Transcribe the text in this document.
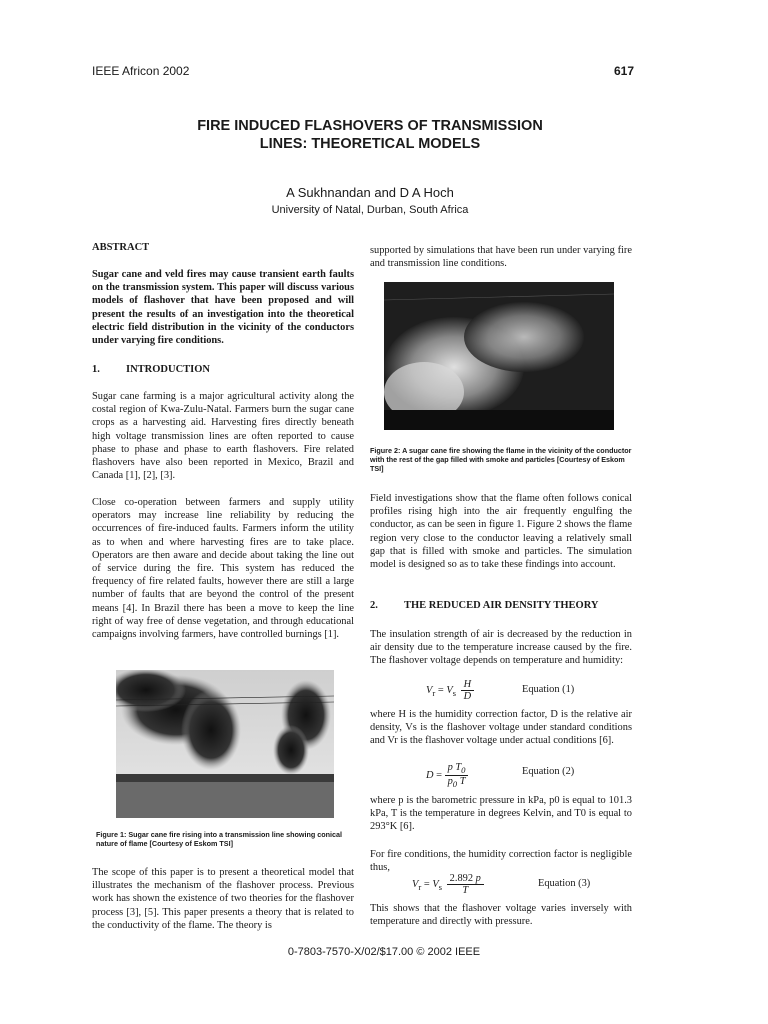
IEEE Africon 2002	617
FIRE INDUCED FLASHOVERS OF TRANSMISSION
LINES: THEORETICAL MODELS
A Sukhnandan and D A Hoch
University of Natal, Durban, South Africa
ABSTRACT
Sugar cane and veld fires may cause transient earth faults on the transmission system. This paper will discuss various models of flashover that have been proposed and will present the results of an investigation into the theoretical electric field distribution in the vicinity of the conductors under varying fire conditions.
1. INTRODUCTION
Sugar cane farming is a major agricultural activity along the costal region of Kwa-Zulu-Natal. Farmers burn the sugar cane crops as a harvesting aid. Harvesting fires directly beneath high voltage transmission lines are often reported to cause phase to phase and phase to earth flashovers. Fire related flashovers have also been reported in Mexico, Brazil and Canada [1], [2], [3].
Close co-operation between farmers and supply utility operators may increase line reliability by reducing the occurrences of fire-induced faults. Farmers inform the utility as to when and where harvesting fires are to take place. Operators are then aware and decide about taking the line out of service during the fire. This system has reduced the frequency of fire related faults, however there are still a large number of faults that are beyond the control of the present means [4]. In Brazil there has been a move to keep the line right of way free of dense vegetation, and through educational campaigns involving farmers, have controlled burnings [1].
Figure 1: Sugar cane fire rising into a transmission line showing conical nature of flame [Courtesy of Eskom TSI]
The scope of this paper is to present a theoretical model that illustrates the mechanism of the flashover process. Previous work has shown the existence of two theories for the flashover process [3], [5]. This paper presents a theory that is related to the conductivity of the flame. The theory is
supported by simulations that have been run under varying fire and transmission line conditions.
Figure 2: A sugar cane fire showing the flame in the vicinity of the conductor with the rest of the gap filled with smoke and particles [Courtesy of Eskom TSI]
Field investigations show that the flame often follows conical profiles rising high into the air frequently engulfing the conductor, as can be seen in figure 1. Figure 2 shows the flame region very close to the conductor leaving a relatively small gap that is filled with smoke and particles. The simulation model is designed so as to take these findings into account.
2. THE REDUCED AIR DENSITY THEORY
The insulation strength of air is decreased by the reduction in air density due to the temperature increase caused by the fire. The flashover voltage depends on temperature and humidity:
$V_r = V_s \frac{H}{D}$	Equation (1)
where H is the humidity correction factor, D is the relative air density, Vs is the flashover voltage under standard conditions and Vr is the flashover voltage under actual conditions [6].
$D = \frac{p T_0}{p_0 T}$	Equation (2)
where p is the barometric pressure in kPa, p0 is equal to 101.3 kPa, T is the temperature in degrees Kelvin, and T0 is equal to 293°K [6].
For fire conditions, the humidity correction factor is negligible thus,
$V_r = V_s \frac{2.892 p}{T}$	Equation (3)
This shows that the flashover voltage varies inversely with temperature and directly with pressure.
0-7803-7570-X/02/$17.00 © 2002 IEEE
